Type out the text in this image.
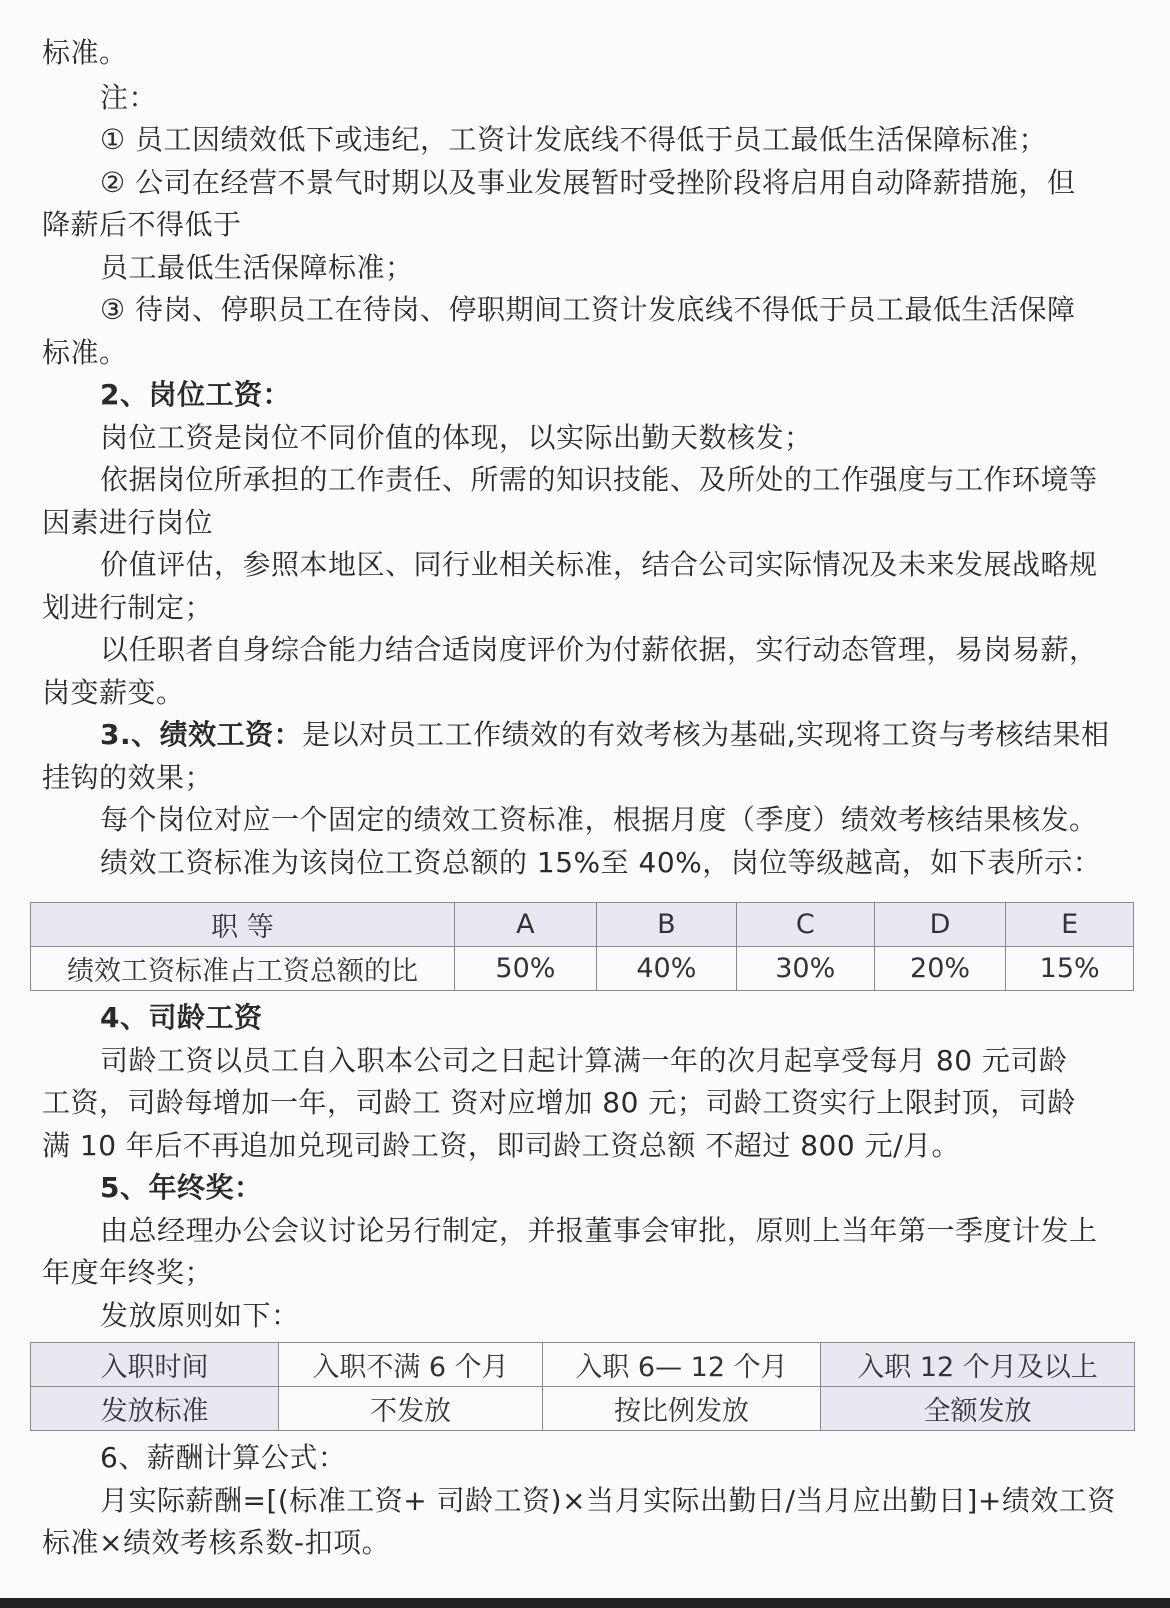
标准。
注：
① 员工因绩效低下或违纪，工资计发底线不得低于员工最低生活保障标准；
② 公司在经营不景气时期以及事业发展暂时受挫阶段将启用自动降薪措施，但
降薪后不得低于
员工最低生活保障标准；
③ 待岗、停职员工在待岗、停职期间工资计发底线不得低于员工最低生活保障
标准。
2、岗位工资：
岗位工资是岗位不同价值的体现，以实际出勤天数核发；
依据岗位所承担的工作责任、所需的知识技能、及所处的工作强度与工作环境等
因素进行岗位
价值评估，参照本地区、同行业相关标准，结合公司实际情况及未来发展战略规
划进行制定；
以任职者自身综合能力结合适岗度评价为付薪依据，实行动态管理，易岗易薪，
岗变薪变。
3.、绩效工资：是以对员工工作绩效的有效考核为基础,实现将工资与考核结果相
挂钩的效果；
每个岗位对应一个固定的绩效工资标准，根据月度（季度）绩效考核结果核发。
绩效工资标准为该岗位工资总额的 15%至 40%，岗位等级越高，如下表所示：
职 等	A	B	C	D	E
绩效工资标准占工资总额的比	50%	40%	30%	20%	15%
4、司龄工资
司龄工资以员工自入职本公司之日起计算满一年的次月起享受每月 80 元司龄
工资，司龄每增加一年，司龄工 资对应增加 80 元；司龄工资实行上限封顶，司龄
满 10 年后不再追加兑现司龄工资，即司龄工资总额 不超过 800 元/月。
5、年终奖：
由总经理办公会议讨论另行制定，并报董事会审批，原则上当年第一季度计发上
年度年终奖；
发放原则如下：
入职时间	入职不满 6 个月	入职 6— 12 个月	入职 12 个月及以上
发放标准	不发放	按比例发放	全额发放
6、薪酬计算公式：
月实际薪酬=[(标准工资+ 司龄工资)×当月实际出勤日/当月应出勤日]+绩效工资
标准×绩效考核系数-扣项。
